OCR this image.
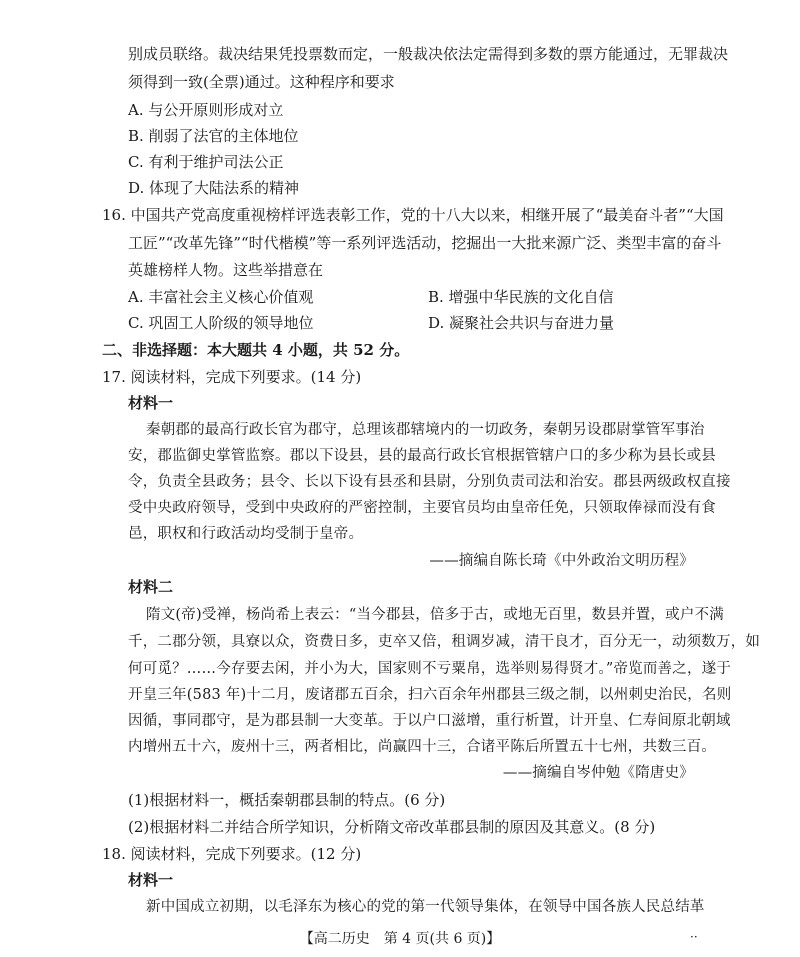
别成员联络。裁决结果凭投票数而定，一般裁决依法定需得到多数的票方能通过，无罪裁决
须得到一致(全票)通过。这种程序和要求
A. 与公开原则形成对立
B. 削弱了法官的主体地位
C. 有利于维护司法公正
D. 体现了大陆法系的精神
16. 中国共产党高度重视榜样评选表彰工作，党的十八大以来，相继开展了“最美奋斗者”“大国
工匠”“改革先锋”“时代楷模”等一系列评选活动，挖掘出一大批来源广泛、类型丰富的奋斗
英雄榜样人物。这些举措意在
A. 丰富社会主义核心价值观	B. 增强中华民族的文化自信
C. 巩固工人阶级的领导地位	D. 凝聚社会共识与奋进力量
二、非选择题：本大题共 4 小题，共 52 分。
17. 阅读材料，完成下列要求。(14 分)
材料一
秦朝郡的最高行政长官为郡守，总理该郡辖境内的一切政务，秦朝另设郡尉掌管军事治
安，郡监御史掌管监察。郡以下设县，县的最高行政长官根据管辖户口的多少称为县长或县
令，负责全县政务；县令、长以下设有县丞和县尉，分别负责司法和治安。郡县两级政权直接
受中央政府领导，受到中央政府的严密控制，主要官员均由皇帝任免，只领取俸禄而没有食
邑，职权和行政活动均受制于皇帝。
——摘编自陈长琦《中外政治文明历程》
材料二
隋文(帝)受禅，杨尚希上表云：“当今郡县，倍多于古，或地无百里，数县并置，或户不满
千，二郡分领，具寮以众，资费日多，吏卒又倍，租调岁减，清干良才，百分无一，动须数万，如
何可觅？……今存要去闲，并小为大，国家则不亏粟帛，选举则易得贤才。”帝览而善之，遂于
开皇三年(583 年)十二月，废诸郡五百余，扫六百余年州郡县三级之制，以州刺史治民，名则
因循，事同郡守，是为郡县制一大变革。于以户口滋增，重行析置，计开皇、仁寿间原北朝域
内增州五十六，废州十三，两者相比，尚赢四十三，合诸平陈后所置五十七州，共数三百。
——摘编自岑仲勉《隋唐史》
(1)根据材料一，概括秦朝郡县制的特点。(6 分)
(2)根据材料二并结合所学知识，分析隋文帝改革郡县制的原因及其意义。(8 分)
18. 阅读材料，完成下列要求。(12 分)
材料一
新中国成立初期，以毛泽东为核心的党的第一代领导集体，在领导中国各族人民总结革
【高二历史　第 4 页(共 6 页)】	··
